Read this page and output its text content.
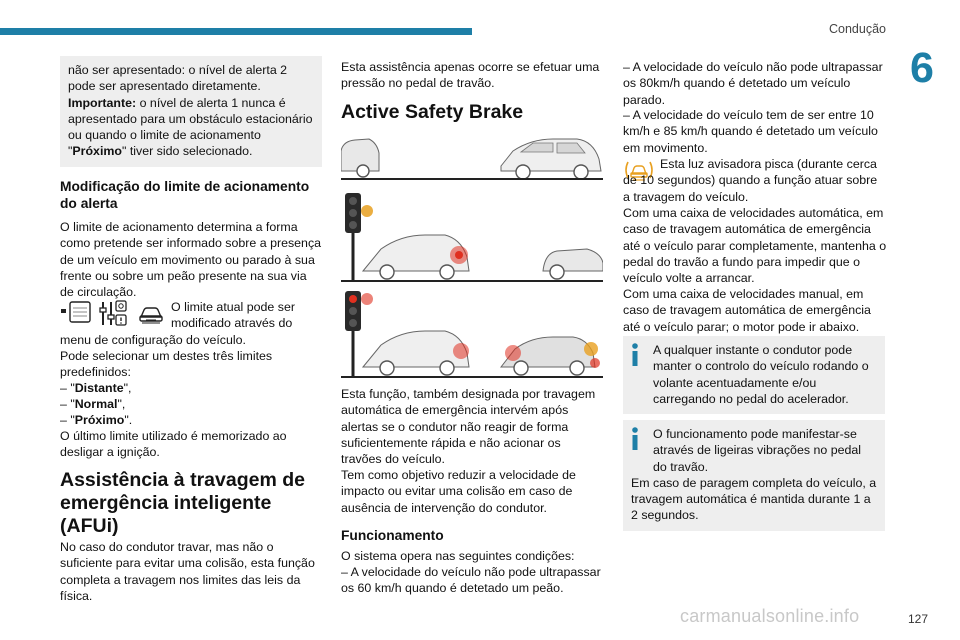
Condução
6

não ser apresentado: o nível de alerta 2 pode ser apresentado diretamente.

Importante: o nível de alerta 1 nunca é apresentado para um obstáculo estacionário ou quando o limite de acionamento "Próximo" tiver sido selecionado.

Modificação do limite de acionamento do alerta

O limite de acionamento determina a forma como pretende ser informado sobre a presença de um veículo em movimento ou parado à sua frente ou sobre um peão presente na sua via de circulação.

O limite atual pode ser modificado através do

menu de configuração do veículo.

Pode selecionar um destes três limites predefinidos:

– "Distante",

– "Normal",

– "Próximo".

O último limite utilizado é memorizado ao desligar a ignição.

Assistência à travagem de emergência inteligente (AFUi)

No caso do condutor travar, mas não o suficiente para evitar uma colisão, esta função completa a travagem nos limites das leis da física.

Esta assistência apenas ocorre se efetuar uma pressão no pedal de travão.

Active Safety Brake

Esta função, também designada por travagem automática de emergência intervém após alertas se o condutor não reagir de forma suficientemente rápida e não acionar os travões do veículo.

Tem como objetivo reduzir a velocidade de impacto ou evitar uma colisão em caso de ausência de intervenção do condutor.

Funcionamento

O sistema opera nas seguintes condições:

– A velocidade do veículo não pode ultrapassar os 60 km/h quando é detetado um peão.

– A velocidade do veículo não pode ultrapassar os 80km/h quando é detetado um veículo parado.

– A velocidade do veículo tem de ser entre 10 km/h e 85 km/h quando é detetado um veículo em movimento.

Esta luz avisadora pisca (durante cerca de 10 segundos) quando a função atuar sobre a travagem do veículo.

Com uma caixa de velocidades automática, em caso de travagem automática de emergência até o veículo parar completamente, mantenha o pedal do travão a fundo para impedir que o veículo volte a arrancar.

Com uma caixa de velocidades manual, em caso de travagem automática de emergência até o veículo parar; o motor pode ir abaixo.

A qualquer instante o condutor pode manter o controlo do veículo rodando o volante acentuadamente e/ou carregando no pedal do acelerador.

O funcionamento pode manifestar-se através de ligeiras vibrações no pedal do travão.

Em caso de paragem completa do veículo, a travagem automática é mantida durante 1 a 2 segundos.

carmanualsonline.info	127
